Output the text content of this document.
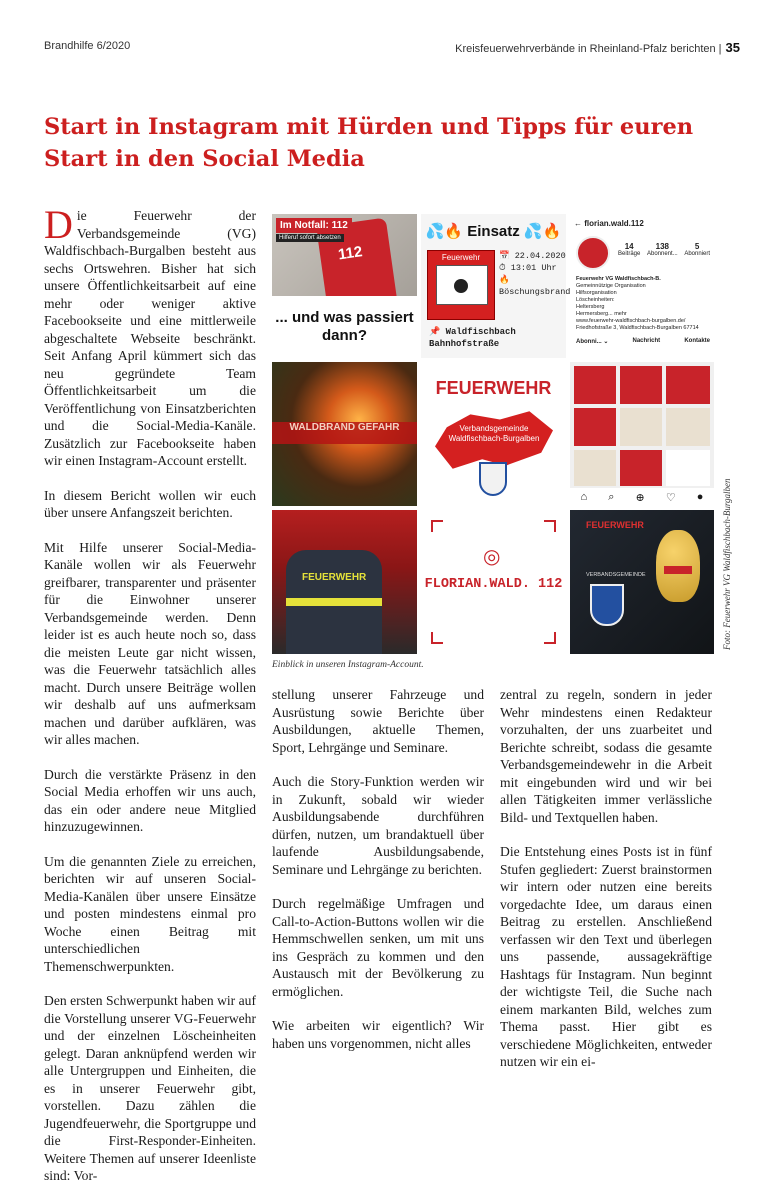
Brandhilfe 6/2020	Kreisfeuerwehrverbände in Rheinland-Pfalz berichten | 35
Start in Instagram mit Hürden und Tipps für euren Start in den Social Media

Die Feuerwehr der Verbandsgemeinde (VG) Waldfischbach-Burgalben besteht aus sechs Ortswehren. Bisher hat sich unsere Öffentlichkeitsarbeit auf eine mehr oder weniger aktive Facebookseite und eine mittlerweile abgeschaltete Webseite beschränkt. Seit Anfang April kümmert sich das neu gegründete Team Öffentlichkeitsarbeit um die Veröffentlichung von Einsatzberichten und die Social-Media-Kanäle. Zusätzlich zur Facebookseite haben wir einen Instagram-Account erstellt.

In diesem Bericht wollen wir euch über unsere Anfangszeit berichten.

Mit Hilfe unserer Social-Media-Kanäle wollen wir als Feuerwehr greifbarer, transparenter und präsenter für die Einwohner unserer Verbandsgemeinde werden. Denn leider ist es auch heute noch so, dass die meisten Leute gar nicht wissen, was die Feuerwehr tatsächlich alles macht. Durch unsere Beiträge wollen wir deshalb auf uns aufmerksam machen und darüber aufklären, was wir alles machen.

Durch die verstärkte Präsenz in den Social Media erhoffen wir uns auch, das ein oder andere neue Mitglied hinzuzugewinnen.

Um die genannten Ziele zu erreichen, berichten wir auf unseren Social-Media-Kanälen über unsere Einsätze und posten mindestens einmal pro Woche einen Beitrag mit unterschiedlichen Themenschwerpunkten.

Den ersten Schwerpunkt haben wir auf die Vorstellung unserer VG-Feuerwehr und der einzelnen Löscheinheiten gelegt. Daran anknüpfend werden wir alle Untergruppen und Einheiten, die es in unserer Feuerwehr gibt, vorstellen. Dazu zählen die Jugendfeuerwehr, die Sportgruppe und die First-Responder-Einheiten. Weitere Themen auf unserer Ideenliste sind: Vor-

112
Im Notfall: 112
Hilferuf sofort absetzen
... und was passiert dann?
💦🔥 Einsatz 💦🔥
Feuerwehr	📅 22.04.2020
⏱ 13:01 Uhr
🔥 Böschungsbrand
📌 Waldfischbach Bahnhofstraße
← florian.wald.112
14
Beiträge
138
Abonnent...
5
Abonniert
Feuerwehr VG Waldfischbach-B.
Gemeinnützige Organisation
Hilfsorganisation
Löscheinheiten:
Heltersberg
Hermersberg... mehr
www.feuerwehr-waldfischbach-burgalben.de/
Friedhofstraße 3, Waldfischbach-Burgalben 67714
Abonni... ⌄	Nachricht	Kontakte
WALDBRAND GEFAHR
FEUERWEHR
Verbandsgemeinde Waldfischbach-Burgalben
⌂ ⌕ ⊕ ♡ ●
FEUERWEHR
◎
FLORIAN.WALD. 112
FEUERWEHR
VERBANDSGEMEINDE
Einblick in unseren Instagram-Account.
Foto: Feuerwehr VG Waldfischbach-Burgalben

stellung unserer Fahrzeuge und Ausrüstung sowie Berichte über Ausbildungen, aktuelle Themen, Sport, Lehrgänge und Seminare.

Auch die Story-Funktion werden wir in Zukunft, sobald wir wieder Ausbildungsabende durchführen dürfen, nutzen, um brandaktuell über laufende Ausbildungsabende, Seminare und Lehrgänge zu berichten.

Durch regelmäßige Umfragen und Call-to-Action-Buttons wollen wir die Hemmschwellen senken, um mit uns ins Gespräch zu kommen und den Austausch mit der Bevölkerung zu ermöglichen.

Wie arbeiten wir eigentlich? Wir haben uns vorgenommen, nicht alles

zentral zu regeln, sondern in jeder Wehr mindestens einen Redakteur vorzuhalten, der uns zuarbeitet und Berichte schreibt, sodass die gesamte Verbandsgemeindewehr in die Arbeit mit eingebunden wird und wir bei allen Tätigkeiten immer verlässliche Bild- und Textquellen haben.

Die Entstehung eines Posts ist in fünf Stufen gegliedert: Zuerst brainstormen wir intern oder nutzen eine bereits vorgedachte Idee, um daraus einen Beitrag zu erstellen. Anschließend verfassen wir den Text und überlegen uns passende, aussagekräftige Hashtags für Instagram. Nun beginnt der wichtigste Teil, die Suche nach einem markanten Bild, welches zum Thema passt. Hier gibt es verschiedene Möglichkeiten, entweder nutzen wir ein ei-
